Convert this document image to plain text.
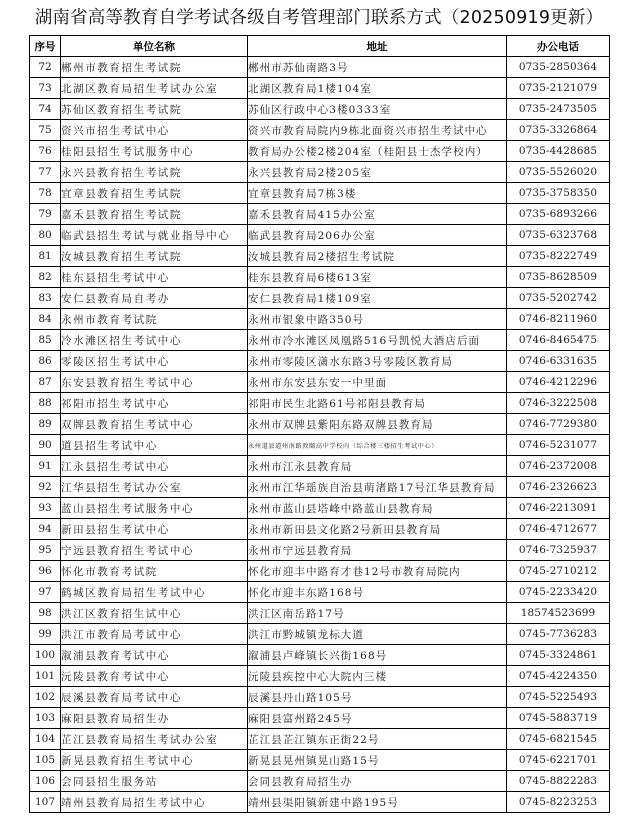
湖南省高等教育自学考试各级自考管理部门联系方式（20250919更新）
序号	单位名称	地址	办公电话
72	郴州市教育招生考试院	郴州市苏仙南路3号	0735-2850364
73	北湖区教育局招生考试办公室	北湖区教育局1楼104室	0735-2121079
74	苏仙区教育招生考试院	苏仙区行政中心3楼0333室	0735-2473505
75	资兴市招生考试中心	资兴市教育局院内9栋北面资兴市招生考试中心	0735-3326864
76	桂阳县招生考试服务中心	教育局办公楼2楼204室（桂阳县士杰学校内）	0735-4428685
77	永兴县教育招生考试院	永兴县教育局2楼205室	0735-5526020
78	宜章县教育招生考试院	宜章县教育局7栋3楼	0735-3758350
79	嘉禾县教育招生考试院	嘉禾县教育局415办公室	0735-6893266
80	临武县招生考试与就业指导中心	临武县教育局206办公室	0735-6323768
81	汝城县教育招生考试院	汝城县教育局2楼招生考试院	0735-8222749
82	桂东县招生考试中心	桂东县教育局6楼613室	0735-8628509
83	安仁县教育局自考办	安仁县教育局1楼109室	0735-5202742
84	永州市教育考试院	永州市银象中路350号	0746-8211960
85	冷水滩区招生考试中心	永州市冷水滩区凤凰路516号凯悦大酒店后面	0746-8465475
86	零陵区招生考试中心	永州市零陵区潇水东路3号零陵区教育局	0746-6331635
87	东安县教育招生考试中心	永州市东安县东安一中里面	0746-4212296
88	祁阳市招生考试中心	祁阳市民生北路61号祁阳县教育局	0746-3222508
89	双牌县教育招生考试中心	永州市双牌县紫阳东路双牌县教育局	0746-7729380
90	道县招生考试中心	永州道县道州南路敦颐高中学校内（综合楼三楼招生考试中心）	0746-5231077
91	江永县招生考试中心	永州市江永县教育局	0746-2372008
92	江华县招生考试办公室	永州市江华瑶族自治县萌渚路17号江华县教育局	0746-2326623
93	蓝山县招生考试服务中心	永州市蓝山县塔峰中路蓝山县教育局	0746-2213091
94	新田县招生考试中心	永州市新田县文化路2号新田县教育局	0746-4712677
95	宁远县教育招生考试中心	永州市宁远县教育局	0746-7325937
96	怀化市教育考试院	怀化市迎丰中路育才巷12号市教育局院内	0745-2710212
97	鹤城区教育局招生考试中心	怀化市迎丰东路168号	0745-2233420
98	洪江区教育招生试中心	洪江区南岳路17号	18574523699
99	洪江市教育局考试中心	洪江市黔城镇龙标大道	0745-7736283
100	溆浦县教育考试中心	溆浦县卢峰镇长兴街168号	0745-3324861
101	沅陵县教育考试中心	沅陵县疾控中心大院内三楼	0745-4224350
102	辰溪县教育局考试中心	辰溪县丹山路105号	0745-5225493
103	麻阳县教育局招生办	麻阳县富州路245号	0745-5883719
104	芷江县教育局招生考试办公室	芷江县芷江镇东正街22号	0745-6821545
105	新晃县教育招生考试中心	新晃县晃州镇晃山路15号	0745-6221701
106	会同县招生服务站	会同县教育局招生办	0745-8822283
107	靖州县教育局招生考试中心	靖州县渠阳镇新建中路195号	0745-8223253
